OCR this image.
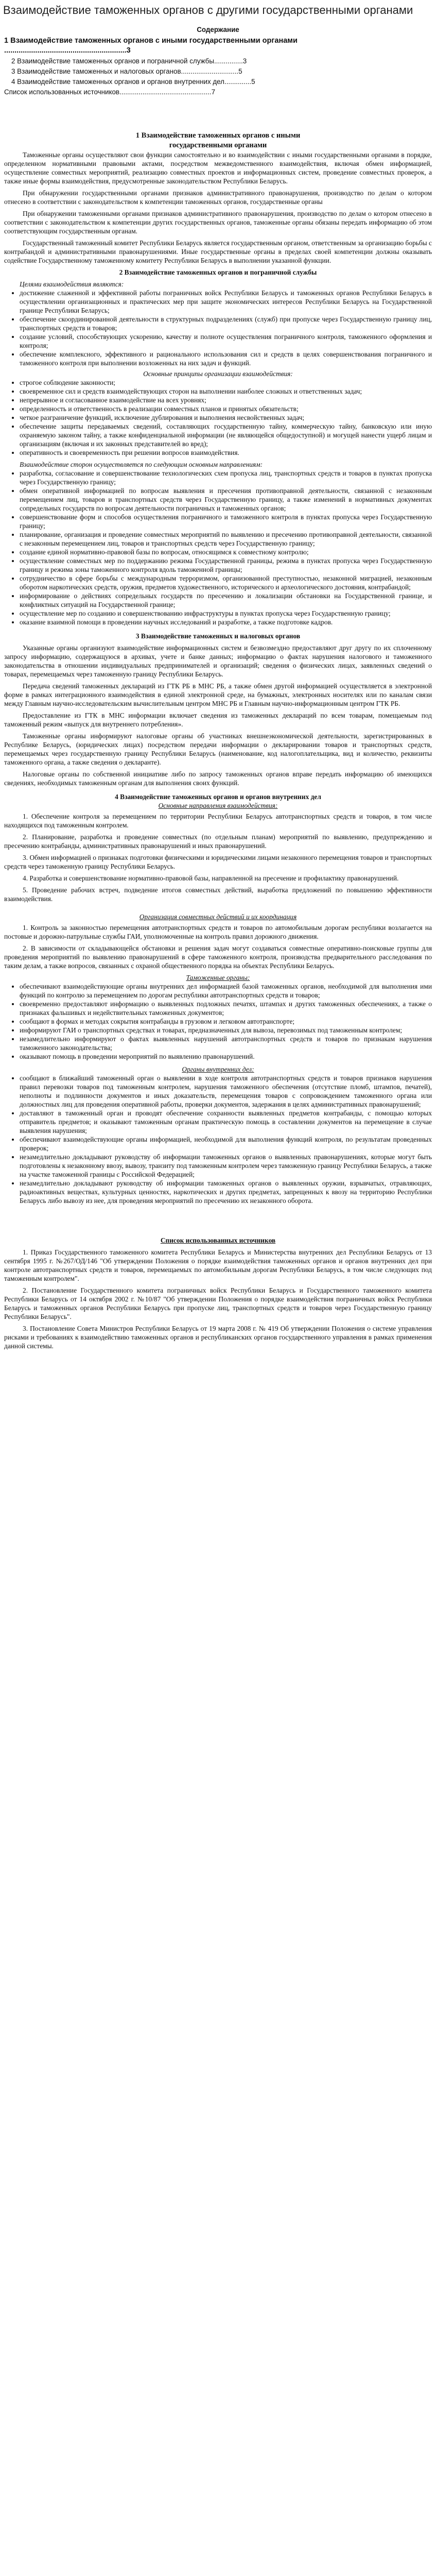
Взаимодействие таможенных органов с другими государственными органами
Содержание
1 Взаимодействие таможенных органов с иными государственными органами
...........................................................3
2 Взаимодействие таможенных органов и пограничной службы...............3
3 Взаимодействие таможенных и налоговых органов..............................5
4 Взаимодействие таможенных органов и органов внутренних дел..............5
Список использованных источников................................................7
1 Взаимодействие таможенных органов с иными государственными органами

Таможенные органы осуществляют свои функции самостоятельно и во взаимодействии с иными государственными органами в порядке, определенном нормативными правовыми актами, посредством межведомственного взаимодействия, включая обмен информацией, осуществление совместных мероприятий, реализацию совместных проектов и информационных систем, проведение совместных проверок, а также иные формы взаимодействия, предусмотренные законодательством Республики Беларусь.

При обнаружении государственными органами признаков административного правонарушения, производство по делам о котором отнесено в соответствии с законодательством к компетенции таможенных органов, государственные органы

При обнаружении таможенными органами признаков административного правонарушения, производство по делам о котором отнесено в соответствии с законодательством к компетенции других государственных органов, таможенные органы обязаны передать информацию об этом соответствующим государственным органам.

Государственный таможенный комитет Республики Беларусь является государственным органом, ответственным за организацию борьбы с контрабандой и административными правонарушениями. Иные государственные органы в пределах своей компетенции должны оказывать содействие Государственному таможенному комитету Республики Беларусь в выполнении указанной функции.

2 Взаимодействие таможенных органов и пограничной службы

Целями взаимодействия являются:

• достижение слаженной и эффективной работы пограничных войск Республики Беларусь и таможенных органов Республики Беларусь в осуществлении организационных и практических мер при защите экономических интересов Республики Беларусь на Государственной границе Республики Беларусь;
• обеспечение скоординированной деятельности в структурных подразделениях (служб) при пропуске через Государственную границу лиц, транспортных средств и товаров;
• создание условий, способствующих ускорению, качеству и полноте осуществления пограничного контроля, таможенного оформления и контроля;
• обеспечение комплексного, эффективного и рационального использования сил и средств в целях совершенствования пограничного и таможенного контроля при выполнении возложенных на них задач и функций.

Основные принципы организации взаимодействия:

• строгое соблюдение законности;
• своевременное сил и средств взаимодействующих сторон на выполнении наиболее сложных и ответственных задач;
• непрерывное и согласованное взаимодействие на всех уровнях;
• определенность и ответственность в реализации совместных планов и принятых обязательств;
• четкое разграничение функций, исключение дублирования и выполнения несвойственных задач;
• обеспечение защиты передаваемых сведений, составляющих государственную тайну, коммерческую тайну, банковскую или иную охраняемую законом тайну, а также конфиденциальной информации (не являющейся общедоступной) и могущей нанести ущерб лицам и организациям (включая и их законных представителей во вред);
• оперативность и своевременность при решении вопросов взаимодействия.

Взаимодействие сторон осуществляется по следующим основным направлениям:

• разработка, согласование и совершенствование технологических схем пропуска лиц, транспортных средств и товаров в пунктах пропуска через Государственную границу;
• обмен оперативной информацией по вопросам выявления и пресечения противоправной деятельности, связанной с незаконным перемещением лиц, товаров и транспортных средств через Государственную границу, а также изменений в нормативных документах сопредельных государств по вопросам деятельности пограничных и таможенных органов;
• совершенствование форм и способов осуществления пограничного и таможенного контроля в пунктах пропуска через Государственную границу;
• планирование, организация и проведение совместных мероприятий по выявлению и пресечению противоправной деятельности, связанной с незаконным перемещением лиц, товаров и транспортных средств через Государственную границу;
• создание единой нормативно-правовой базы по вопросам, относящимся к совместному контролю;
• осуществление совместных мер по поддержанию режима Государственной границы, режима в пунктах пропуска через Государственную границу и режима зоны таможенного контроля вдоль таможенной границы;
• сотрудничество в сфере борьбы с международным терроризмом, организованной преступностью, незаконной миграцией, незаконным оборотом наркотических средств, оружия, предметов художественного, исторического и археологического достояния, контрабандой;
• информирование о действиях сопредельных государств по пресечению и локализации обстановки на Государственной границе, и конфликтных ситуаций на Государственной границе;
• осуществление мер по созданию и совершенствованию инфраструктуры в пунктах пропуска через Государственную границу;
• оказание взаимной помощи в проведении научных исследований и разработке, а также подготовке кадров.
3 Взаимодействие таможенных и налоговых органов

Указанные органы организуют взаимодействие информационных систем и безвозмездно предоставляют друг другу по их сплоченному запросу информацию, содержащуюся в архивах, учете и банке данных; информацию о фактах нарушения налогового и таможенного законодательства в отношении индивидуальных предпринимателей и организаций; сведения о физических лицах, заявленных сведений о товарах, перемещаемых через таможенную границу Республики Беларусь.

Передача сведений таможенных деклараций из ГТК РБ в МНС РБ, а также обмен другой информацией осуществляется в электронной форме в рамках интеграционного взаимодействия в единой электронной среде, на бумажных, электронных носителях или по каналам связи между Главным научно-исследовательским вычислительным центром МНС РБ и Главным научно-информационным центром ГТК РБ.

Предоставление из ГТК в МНС информации включает сведения из таможенных деклараций по всем товарам, помещаемым под таможенный режим «выпуск для внутреннего потребления».

Таможенные органы информируют налоговые органы об участниках внешнеэкономической деятельности, зарегистрированных в Республике Беларусь, (юридических лицах) посредством передачи информации о декларировании товаров и транспортных средств, перемещаемых через государственную границу Республики Беларусь (наименование, код налогоплательщика, вид и количество, реквизиты таможенного органа, а также сведения о декларанте).

Налоговые органы по собственной инициативе либо по запросу таможенных органов вправе передать информацию об имеющихся сведениях, необходимых таможенным органам для выполнения своих функций.

4 Взаимодействие таможенных органов и органов внутренних дел

Основные направления взаимодействия:

1. Обеспечение контроля за перемещением по территории Республики Беларусь автотранспортных средств и товаров, в том числе находящихся под таможенным контролем.

2. Планирование, разработка и проведение совместных (по отдельным планам) мероприятий по выявлению, предупреждению и пресечению контрабанды, административных правонарушений и иных правонарушений.

3. Обмен информацией о признаках подготовки физическими и юридическими лицами незаконного перемещения товаров и транспортных средств через таможенную границу Республики Беларусь.

4. Разработка и совершенствование нормативно-правовой базы, направленной на пресечение и профилактику правонарушений.

5. Проведение рабочих встреч, подведение итогов совместных действий, выработка предложений по повышению эффективности взаимодействия.

Организация совместных действий и их координация

1. Контроль за законностью перемещения автотранспортных средств и товаров по автомобильным дорогам республики возлагается на постовые и дорожно-патрульные службы ГАИ, уполномоченные на контроль правил дорожного движения.

2. В зависимости от складывающейся обстановки и решения задач могут создаваться совместные оперативно-поисковые группы для проведения мероприятий по выявлению правонарушений в сфере таможенного контроля, производства предварительного расследования по таким делам, а также вопросов, связанных с охраной общественного порядка на объектах Республики Беларусь.

Таможенные органы:

• обеспечивают взаимодействующие органы внутренних дел информацией базой таможенных органов, необходимой для выполнения ими функций по контролю за перемещением по дорогам республики автотранспортных средств и товаров;
• своевременно предоставляют информацию о выявленных подложных печатях, штампах и других таможенных обеспечениях, а также о признаках фальшивых и недействительных таможенных документов;
• сообщают в формах и методах сокрытия контрабанды в грузовом и легковом автотранспорте;
• информируют ГАИ о транспортных средствах и товарах, предназначенных для вывоза, перевозимых под таможенным контролем;
• незамедлительно информируют о фактах выявленных нарушений автотранспортных средств и товаров по признакам нарушения таможенного законодательства;
• оказывают помощь в проведении мероприятий по выявлению правонарушений.

Органы внутренних дел:

• сообщают в ближайший таможенный орган о выявлении в ходе контроля автотранспортных средств и товаров признаков нарушения правил перевозки товаров под таможенным контролем, нарушения таможенного обеспечения (отсутствие пломб, штампов, печатей), неполноты и подлинности документов и иных доказательств, перемещения товаров с сопровождением таможенного органа или должностных лиц для проведения оперативной работы, проверки документов, задержания в целях административных правонарушений;
• доставляют в таможенный орган и проводят обеспечение сохранности выявленных предметов контрабанды, с помощью которых отправитель предметов; и оказывают таможенным органам практическую помощь в составлении документов на перемещение в случае выявления нарушения;
• обеспечивают взаимодействующие органы информацией, необходимой для выполнения функций контроля, по результатам проведенных проверок;
• незамедлительно докладывают руководству об информации таможенных органов о выявленных правонарушениях, которые могут быть подготовлены к незаконному ввозу, вывозу, транзиту под таможенным контролем через таможенную границу Республики Беларусь, а также на участке таможенной границы с Российской Федерацией;
• незамедлительно докладывают руководству об информации таможенных органов о выявленных оружии, взрывчатых, отравляющих, радиоактивных веществах, культурных ценностях, наркотических и других предметах, запрещенных к ввозу на территорию Республики Беларусь либо вывозу из нее, для проведения мероприятий по пресечению их незаконного оборота.
Список использованных источников

1. Приказ Государственного таможенного комитета Республики Беларусь и Министерства внутренних дел Республики Беларусь от 13 сентября 1995 г. №267/ОД/146 "Об утверждении Положения о порядке взаимодействия таможенных органов и органов внутренних дел при контроле автотранспортных средств и товаров, перемещаемых по автомобильным дорогам Республики Беларусь, в том числе следующих под таможенным контролем".

2. Постановление Государственного комитета пограничных войск Республики Беларусь и Государственного таможенного комитета Республики Беларусь от 14 октября 2002 г. №10/87 "Об утверждении Положения о порядке взаимодействия пограничных войск Республики Беларусь и таможенных органов Республики Беларусь при пропуске лиц, транспортных средств и товаров через Государственную границу Республики Беларусь".

3. Постановление Совета Министров Республики Беларусь от 19 марта 2008 г. № 419 Об утверждении Положения о системе управления рисками и требованиях к взаимодействию таможенных органов и республиканских органов государственного управления в рамках применения данной системы.
